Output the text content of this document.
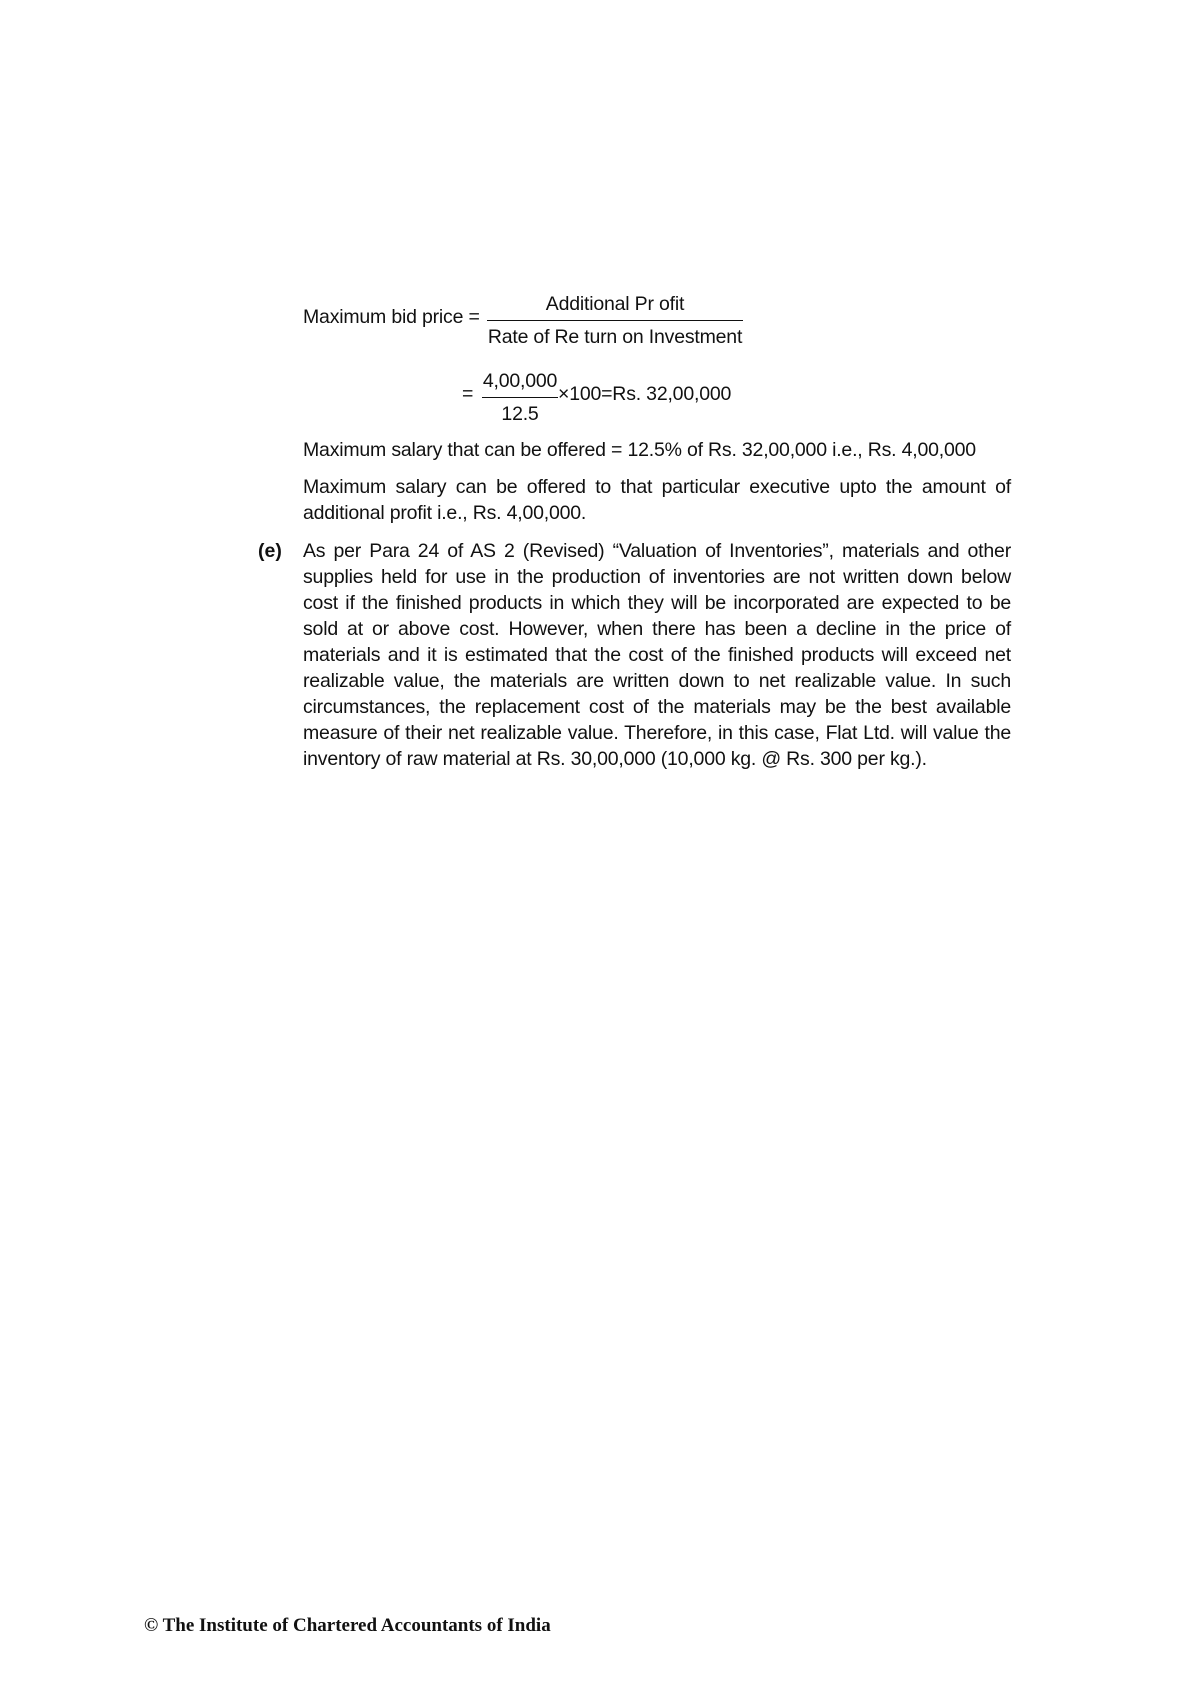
Maximum bid price =
Additional Pr ofit
Rate of Re turn on Investment
=
4,00,000
12.5
×100=Rs. 32,00,000
Maximum salary that can be offered = 12.5% of Rs. 32,00,000 i.e., Rs. 4,00,000
Maximum salary can be offered to that particular executive upto the amount of additional profit i.e., Rs. 4,00,000.
(e) As per Para 24 of AS 2 (Revised) “Valuation of Inventories”, materials and other supplies held for use in the production of inventories are not written down below cost if the finished products in which they will be incorporated are expected to be sold at or above cost. However, when there has been a decline in the price of materials and it is estimated that the cost of the finished products will exceed net realizable value, the materials are written down to net realizable value. In such circumstances, the replacement cost of the materials may be the best available measure of their net realizable value. Therefore, in this case, Flat Ltd. will value the inventory of raw material at Rs. 30,00,000 (10,000 kg. @ Rs. 300 per kg.).
© The Institute of Chartered Accountants of India
